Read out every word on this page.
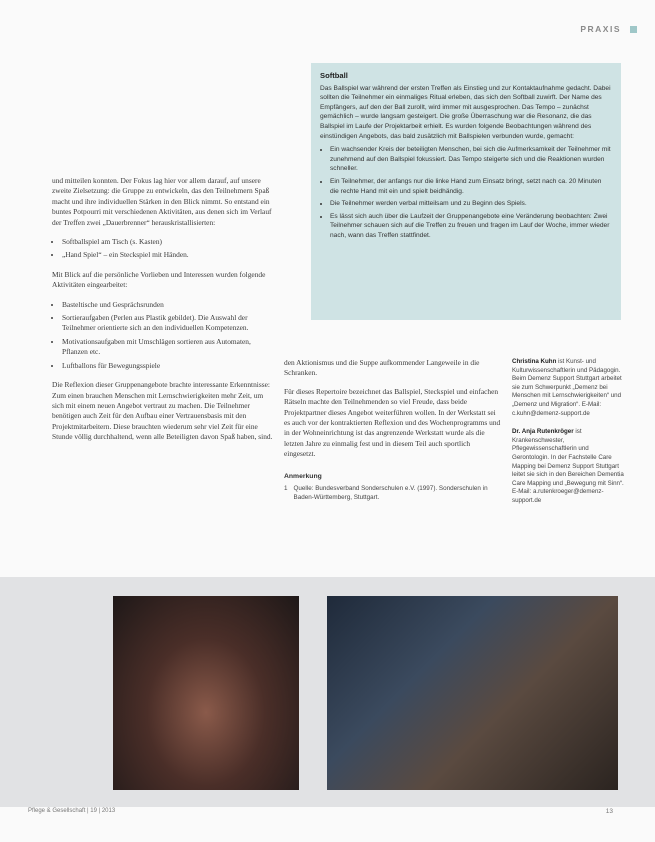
PRAXIS
Softball

Das Ballspiel war während der ersten Treffen als Einstieg und zur Kontaktaufnahme gedacht. Dabei sollten die Teilnehmer ein einmaliges Ritual erleben, das sich den Softball zuwirft. Der Name des Empfängers, auf den der Ball zurollt, wird immer mit ausgesprochen. Das Tempo – zunächst gemächlich – wurde langsam gesteigert. Die große Überraschung war die Resonanz, die das Ballspiel im Laufe der Projektarbeit erhielt. Es wurden folgende Beobachtungen während des einstündigen Angebots, das bald zusätzlich mit Ballspielen verbunden wurde, gemacht:

• Ein wachsender Kreis der beteiligten Menschen, bei sich die Aufmerksamkeit der Teilnehmer mit zunehmend auf den Ballspiel fokussiert. Das Tempo steigerte sich und die Reaktionen wurden schneller.
• Ein Teilnehmer, der anfangs nur die linke Hand zum Einsatz bringt, setzt nach ca. 20 Minuten die rechte Hand mit ein und spielt beidhändig.
• Die Teilnehmer werden verbal mitteilsam und zu Beginn des Spiels.
• Es lässt sich auch über die Laufzeit der Gruppenangebote eine Veränderung beobachten: Zwei Teilnehmer schauen sich auf die Treffen zu freuen und fragen im Lauf der Woche, immer wieder nach, wann das Treffen stattfindet.

und mitteilen konnten. Der Fokus lag hier vor allem darauf, auf unsere zweite Zielsetzung: die Gruppe zu entwickeln, das den Teilnehmern Spaß macht und ihre individuellen Stärken in den Blick nimmt. So entstand ein buntes Potpourri mit verschiedenen Aktivitäten, aus denen sich im Verlauf der Treffen zwei „Dauerbrenner“ herauskristallisierten:

• Softballspiel am Tisch (s. Kasten)
• „Hand Spiel“ – ein Steckspiel mit Händen.

Mit Blick auf die persönliche Vorlieben und Interessen wurden folgende Aktivitäten eingearbeitet:

• Basteltische und Gesprächsrunden
• Sortieraufgaben (Perlen aus Plastik gebildet). Die Auswahl der Teilnehmer orientierte sich an den individuellen Kompetenzen.
• Motivationsaufgaben mit Umschlägen sortieren aus Automaten, Pflanzen etc.
• Luftballons für Bewegungsspiele

Die Reflexion dieser Gruppenangebote brachte interessante Erkenntnisse: Zum einen brauchen Menschen mit Lernschwierigkeiten mehr Zeit, um sich mit einem neuen Angebot vertraut zu machen. Die Teilnehmer benötigen auch Zeit für den Aufbau einer Vertrauensbasis mit den Projektmitarbeitern. Diese brauchten wiederum sehr viel Zeit für eine Stunde völlig durchhaltend, wenn alle Beteiligten davon Spaß haben, sind.

den Aktionismus und die Suppe aufkommender Langeweile in die Schranken.

Für dieses Repertoire bezeichnet das Ballspiel, Steckspiel und einfachen Rätseln machte den Teilnehmenden so viel Freude, dass beide Projektpartner dieses Angebot weiterführen wollen. In der Werkstatt sei es auch vor der kontraktierten Reflexion und des Wochenprogramms und in der Wohneinrichtung ist das angrenzende Werkstatt wurde als die letzten Jahre zu einmalig fest und in diesem Teil auch sportlich eingesetzt.

Anmerkung
1 Quelle: Bundesverband Sonderschulen e.V. (1997). Sonderschulen in Baden-Württemberg, Stuttgart.

Christina Kuhn ist Kunst- und Kulturwissenschaftlerin und Pädagogin. Beim Demenz Support Stuttgart arbeitet sie zum Schwerpunkt „Demenz bei Menschen mit Lernschwierigkeiten“ und „Demenz und Migration“. E-Mail: c.kuhn@demenz-support.de

Dr. Anja Rutenkröger ist Krankenschwester, Pflegewissenschaftlerin und Gerontologin. In der Fachstelle Care Mapping bei Demenz Support Stuttgart leitet sie sich in den Bereichen Dementia Care Mapping und „Bewegung mit Sinn“. E-Mail: a.rutenkroeger@demenz-support.de

Pflege & Gesellschaft | 19 | 2013	13
